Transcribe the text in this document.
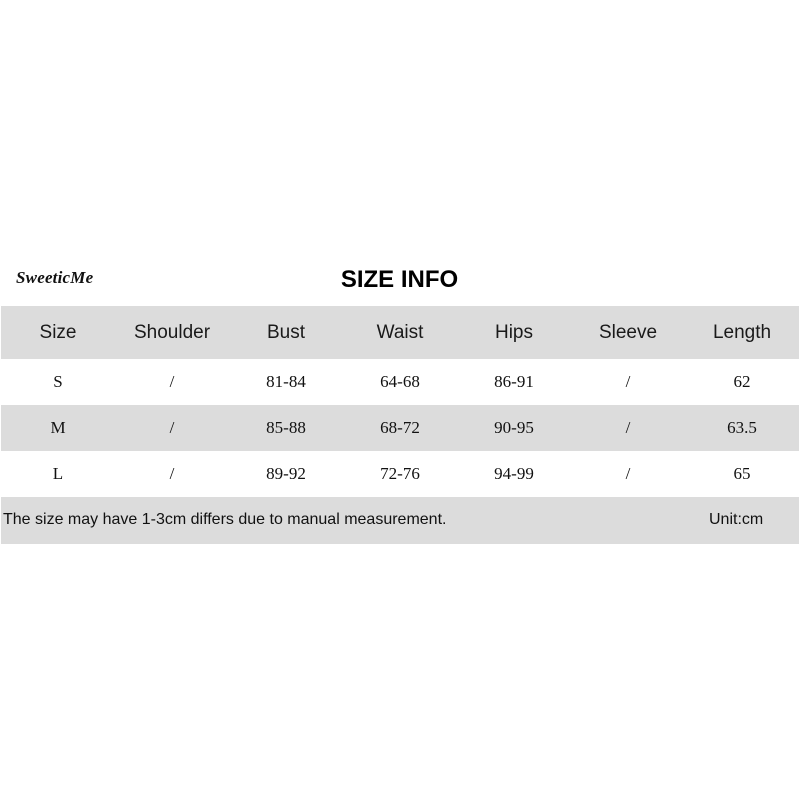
SweeticMe	SIZE INFO
Size	Shoulder	Bust	Waist	Hips	Sleeve	Length
S	/	81-84	64-68	86-91	/	62
M	/	85-88	68-72	90-95	/	63.5
L	/	89-92	72-76	94-99	/	65
The size may have 1-3cm differs due to manual measurement.	Unit:cm
